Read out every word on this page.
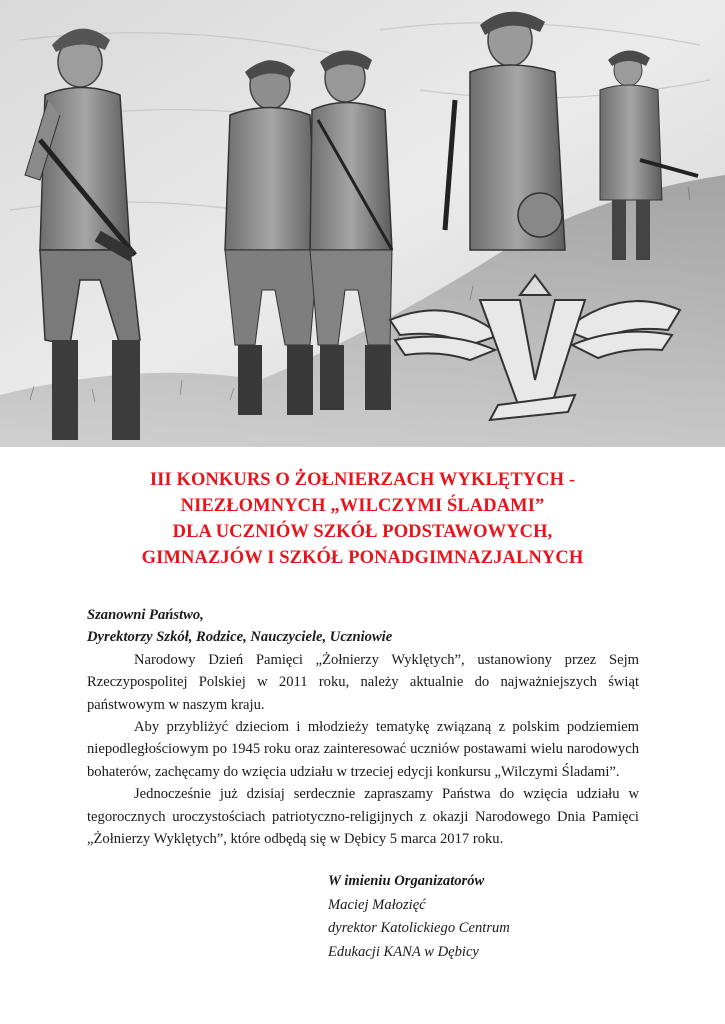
III KONKURS O ŻOŁNIERZACH WYKLĘTYCH -
NIEZŁOMNYCH „WILCZYMI ŚLADAMI”
DLA UCZNIÓW SZKÓŁ PODSTAWOWYCH,
GIMNAZJÓW I SZKÓŁ PONADGIMNAZJALNYCH
Szanowni Państwo,
Dyrektorzy Szkół, Rodzice, Nauczyciele, Uczniowie

Narodowy Dzień Pamięci „Żołnierzy Wyklętych”, ustanowiony przez Sejm Rzeczypospolitej Polskiej w 2011 roku, należy aktualnie do najważniejszych świąt państwowym w naszym kraju.

Aby przybliżyć dzieciom i młodzieży tematykę związaną z polskim podziemiem niepodległościowym po 1945 roku oraz zainteresować uczniów postawami wielu narodowych bohaterów, zachęcamy do wzięcia udziału w trzeciej edycji konkursu „Wilczymi Śladami”.

Jednocześnie już dzisiaj serdecznie zapraszamy Państwa do wzięcia udziału w tegorocznych uroczystościach patriotyczno-religijnych z okazji Narodowego Dnia Pamięci „Żołnierzy Wyklętych”, które odbędą się w Dębicy 5 marca 2017 roku.

W imieniu Organizatorów
Maciej Małozięć
dyrektor Katolickiego Centrum
Edukacji KANA w Dębicy
